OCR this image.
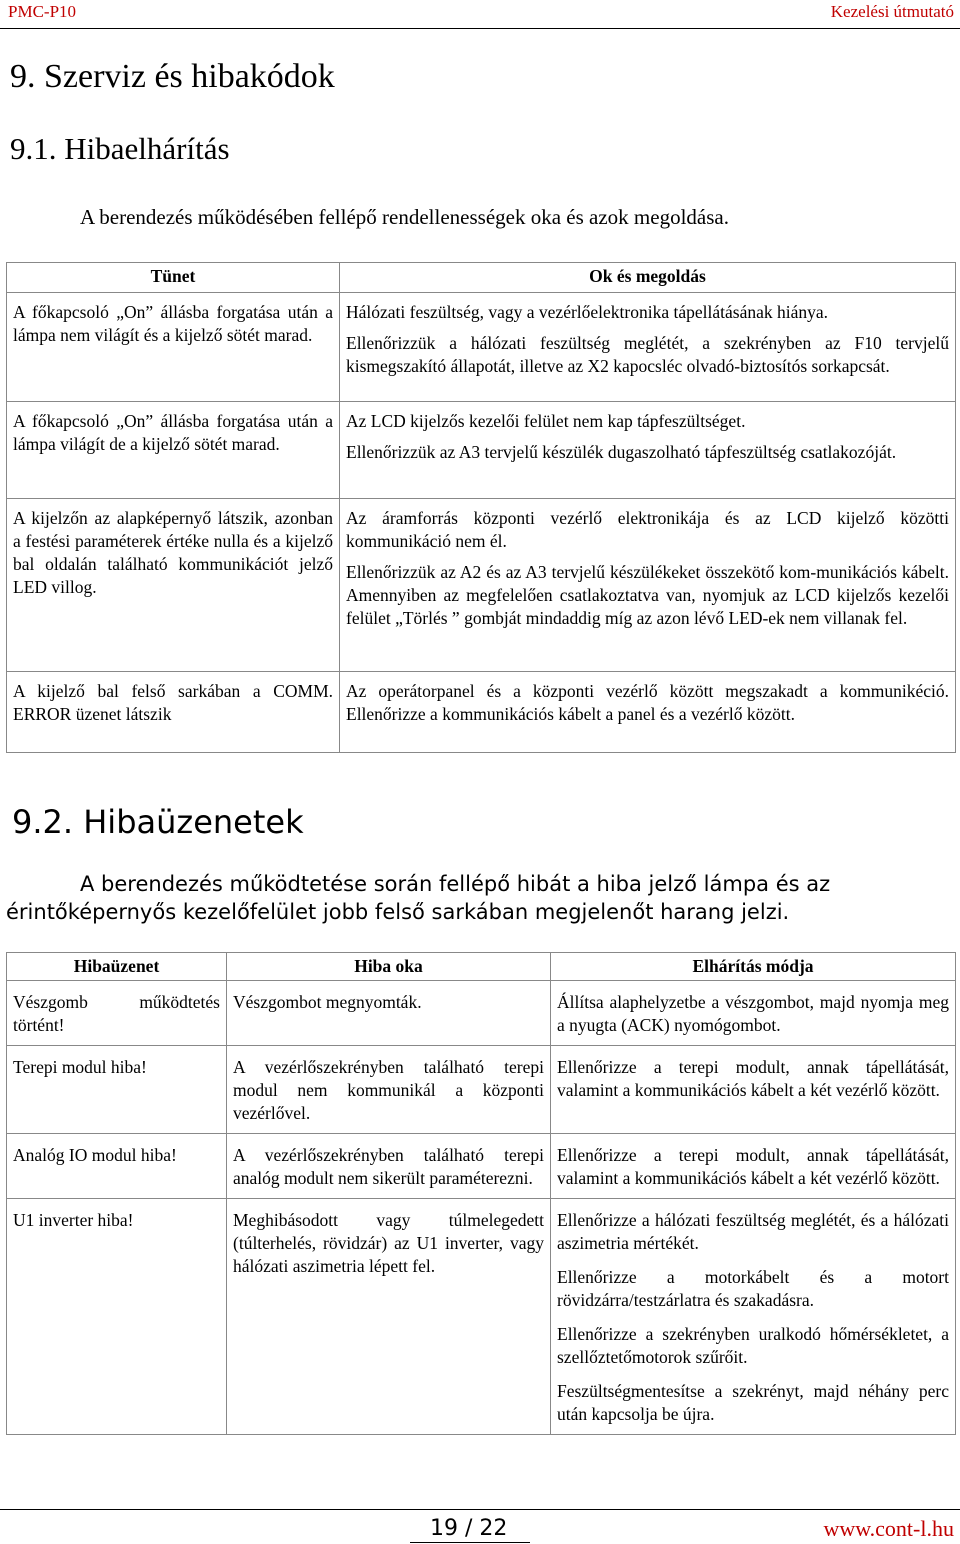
PMC-P10	Kezelési útmutató
9. Szerviz és hibakódok
9.1. Hibaelhárítás

A berendezés működésében fellépő rendellenességek oka és azok megoldása.

Tünet	Ok és megoldás

A főkapcsoló „On” állásba forgatása után a lámpa nem világít és a kijelző sötét marad.	Hálózati feszültség, vagy a vezérlőelektronika tápellátásának hiánya.

Ellenőrizzük a hálózati feszültség meglétét, a szekrényben az F10 tervjelű kismegszakító állapotát, illetve az X2 kapocsléc olvadó-biztosítós sorkapcsát.

A főkapcsoló „On” állásba forgatása után a lámpa világít de a kijelző sötét marad.	Az LCD kijelzős kezelői felület nem kap tápfeszültséget.

Ellenőrizzük az A3 tervjelű készülék dugaszolható tápfeszültség csatlakozóját.

A kijelzőn az alapképernyő látszik, azonban a festési paraméterek értéke nulla és a kijelző bal oldalán található kommunikációt jelző LED villog.	Az áramforrás központi vezérlő elektronikája és az LCD kijelző közötti kommunikáció nem él.

Ellenőrizzük az A2 és az A3 tervjelű készülékeket összekötő kom-munikációs kábelt. Amennyiben az megfelelően csatlakoztatva van, nyomjuk az LCD kijelzős kezelői felület „Törlés ” gombját mindaddig míg az azon lévő LED-ek nem villanak fel.

A kijelző bal felső sarkában a COMM. ERROR üzenet látszik	Az operátorpanel és a központi vezérlő között megszakadt a kommunikéció. Ellenőrizze a kommunikációs kábelt a panel és a vezérlő között.

9.2. Hibaüzenetek

A berendezés működtetése során fellépő hibát a hiba jelző lámpa és az érintőképernyős kezelőfelület jobb felső sarkában megjelenőt harang jelzi.

Hibaüzenet	Hiba oka	Elhárítás módja

Vészgomb működtetés történt!	Vészgombot megnyomták.	Állítsa alaphelyzetbe a vészgombot, majd nyomja meg a nyugta (ACK) nyomógombot.

Terepi modul hiba!	A vezérlőszekrényben található terepi modul nem kommunikál a központi vezérlővel.	Ellenőrizze a terepi modult, annak tápellátását, valamint a kommunikációs kábelt a két vezérlő között.

Analóg IO modul hiba!	A vezérlőszekrényben található terepi analóg modult nem sikerült paraméterezni.	Ellenőrizze a terepi modult, annak tápellátását, valamint a kommunikációs kábelt a két vezérlő között.

U1 inverter hiba!	Meghibásodott vagy túlmelegedett (túlterhelés, rövidzár) az U1 inverter, vagy hálózati aszimetria lépett fel.	Ellenőrizze a hálózati feszültség meglétét, és a hálózati aszimetria mértékét.

Ellenőrizze a motorkábelt és a motort rövidzárra/testzárlatra és szakadásra.

Ellenőrizze a szekrényben uralkodó hőmérsékletet, a szellőztetőmotorok szűrőit.

Feszültségmentesítse a szekrényt, majd néhány perc után kapcsolja be újra.

19 / 22	www.cont-l.hu
